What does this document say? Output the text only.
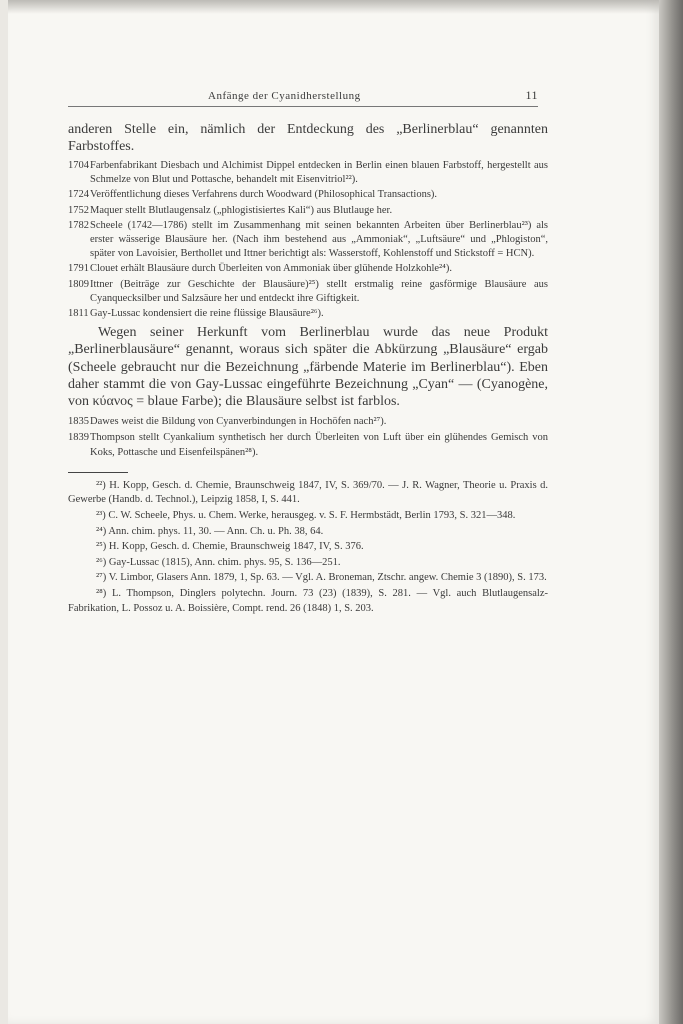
Anfänge der Cyanidherstellung	11

anderen Stelle ein, nämlich der Entdeckung des „Berlinerblau“ genannten Farbstoffes.

1704 Farbenfabrikant Diesbach und Alchimist Dippel entdecken in Berlin einen blauen Farbstoff, hergestellt aus Schmelze von Blut und Pottasche, behandelt mit Eisenvitriol²²).
1724 Veröffentlichung dieses Verfahrens durch Woodward (Philosophical Transactions).
1752 Maquer stellt Blutlaugensalz („phlogistisiertes Kali“) aus Blutlauge her.
1782 Scheele (1742—1786) stellt im Zusammenhang mit seinen bekannten Arbeiten über Berlinerblau²³) als erster wässerige Blausäure her. (Nach ihm bestehend aus „Ammoniak“, „Luftsäure“ und „Phlogiston“, später von Lavoisier, Berthollet und Ittner berichtigt als: Wasserstoff, Kohlenstoff und Stickstoff = HCN).
1791 Clouet erhält Blausäure durch Überleiten von Ammoniak über glühende Holzkohle²⁴).
1809 Ittner (Beiträge zur Geschichte der Blausäure)²⁵) stellt erstmalig reine gasförmige Blausäure aus Cyanquecksilber und Salzsäure her und entdeckt ihre Giftigkeit.
1811 Gay-Lussac kondensiert die reine flüssige Blausäure²⁶).

Wegen seiner Herkunft vom Berlinerblau wurde das neue Produkt „Berlinerblausäure“ genannt, woraus sich später die Abkürzung „Blausäure“ ergab (Scheele gebraucht nur die Bezeichnung „färbende Materie im Berlinerblau“). Eben daher stammt die von Gay-Lussac eingeführte Bezeichnung „Cyan“ — (Cyanogène, von κύανος = blaue Farbe); die Blausäure selbst ist farblos.

1835 Dawes weist die Bildung von Cyanverbindungen in Hochöfen nach²⁷).
1839 Thompson stellt Cyankalium synthetisch her durch Überleiten von Luft über ein glühendes Gemisch von Koks, Pottasche und Eisenfeilspänen²⁸).

²²) H. Kopp, Gesch. d. Chemie, Braunschweig 1847, IV, S. 369/70. — J. R. Wagner, Theorie u. Praxis d. Gewerbe (Handb. d. Technol.), Leipzig 1858, I, S. 441.

²³) C. W. Scheele, Phys. u. Chem. Werke, herausgeg. v. S. F. Hermbstädt, Berlin 1793, S. 321—348.

²⁴) Ann. chim. phys. 11, 30. — Ann. Ch. u. Ph. 38, 64.

²⁵) H. Kopp, Gesch. d. Chemie, Braunschweig 1847, IV, S. 376.

²⁶) Gay-Lussac (1815), Ann. chim. phys. 95, S. 136—251.

²⁷) V. Limbor, Glasers Ann. 1879, 1, Sp. 63. — Vgl. A. Broneman, Ztschr. angew. Chemie 3 (1890), S. 173.

²⁸) L. Thompson, Dinglers polytechn. Journ. 73 (23) (1839), S. 281. — Vgl. auch Blutlaugensalz-Fabrikation, L. Possoz u. A. Boissière, Compt. rend. 26 (1848) 1, S. 203.
